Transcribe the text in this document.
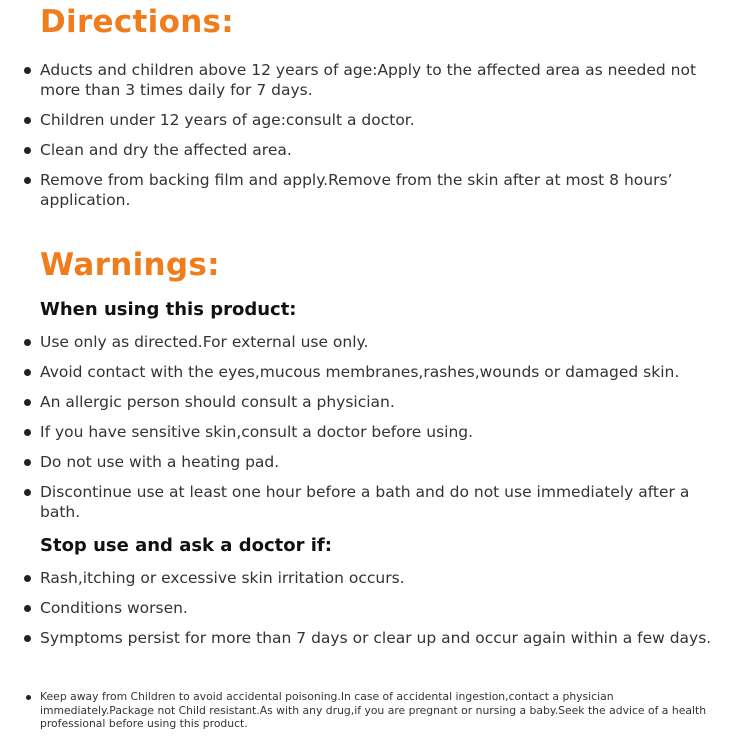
Directions:
Aducts and children above 12 years of age:Apply to the affected area as needed not more than 3 times daily for 7 days.
Children under 12 years of age:consult a doctor.
Clean and dry the affected area.
Remove from backing film and apply.Remove from the skin after at most 8 hours’ application.
Warnings:
When using this product:
Use only as directed.For external use only.
Avoid contact with the eyes,mucous membranes,rashes,wounds or damaged skin.
An allergic person should consult a physician.
If you have sensitive skin,consult a doctor before using.
Do not use with a heating pad.
Discontinue use at least one hour before a bath and do not use immediately after a bath.
Stop use and ask a doctor if:
Rash,itching or excessive skin irritation occurs.
Conditions worsen.
Symptoms persist for more than 7 days or clear up and occur again within a few days.
Keep away from Children to avoid accidental poisoning.In case of accidental ingestion,contact a physician immediately.Package not Child resistant.As with any drug,if you are pregnant or nursing a baby.Seek the advice of a health professional before using this product.
